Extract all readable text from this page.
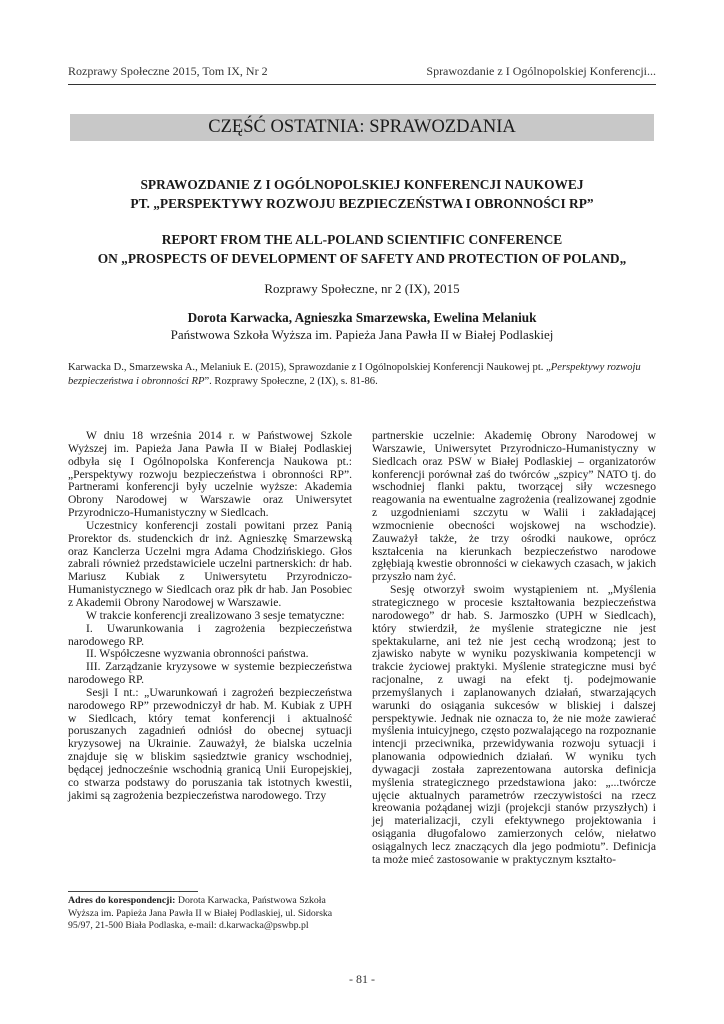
Rozprawy Społeczne 2015, Tom IX, Nr 2	Sprawozdanie z I Ogólnopolskiej Konferencji...
CZĘŚĆ OSTATNIA: SPRAWOZDANIA
SPRAWOZDANIE Z I OGÓLNOPOLSKIEJ KONFERENCJI NAUKOWEJ
PT. „PERSPEKTYWY ROZWOJU BEZPIECZEŃSTWA I OBRONNOŚCI RP”
REPORT FROM THE ALL-POLAND SCIENTIFIC CONFERENCE
ON „PROSPECTS OF DEVELOPMENT OF SAFETY AND PROTECTION OF POLAND„
Rozprawy Społeczne, nr 2 (IX), 2015
Dorota Karwacka, Agnieszka Smarzewska, Ewelina Melaniuk
Państwowa Szkoła Wyższa im. Papieża Jana Pawła II w Białej Podlaskiej
Karwacka D., Smarzewska A., Melaniuk E. (2015), Sprawozdanie z I Ogólnopolskiej Konferencji Naukowej pt. „Perspektywy rozwoju bezpieczeństwa i obronności RP”. Rozprawy Społeczne, 2 (IX), s. 81-86.

W dniu 18 września 2014 r. w Państwowej Szkole Wyższej im. Papieża Jana Pawła II w Białej Podlaskiej odbyła się I Ogólnopolska Konferencja Naukowa pt.: „Perspektywy rozwoju bezpieczeństwa i obronności RP”. Partnerami konferencji były uczelnie wyższe: Akademia Obrony Narodowej w Warszawie oraz Uniwersytet Przyrodniczo-Humanistyczny w Siedlcach.

Uczestnicy konferencji zostali powitani przez Panią Prorektor ds. studenckich dr inż. Agnieszkę Smarzewską oraz Kanclerza Uczelni mgra Adama Chodzińskiego. Głos zabrali również przedstawiciele uczelni partnerskich: dr hab. Mariusz Kubiak z Uniwersytetu Przyrodniczo-Humanistycznego w Siedlcach oraz płk dr hab. Jan Posobiec z Akademii Obrony Narodowej w Warszawie.

W trakcie konferencji zrealizowano 3 sesje tematyczne:

I. Uwarunkowania i zagrożenia bezpieczeństwa narodowego RP.

II. Współczesne wyzwania obronności państwa.

III. Zarządzanie kryzysowe w systemie bezpieczeństwa narodowego RP.

Sesji I nt.: „Uwarunkowań i zagrożeń bezpieczeństwa narodowego RP” przewodniczył dr hab. M. Kubiak z UPH w Siedlcach, który temat konferencji i aktualność poruszanych zagadnień odniósł do obecnej sytuacji kryzysowej na Ukrainie. Zauważył, że bialska uczelnia znajduje się w bliskim sąsiedztwie granicy wschodniej, będącej jednocześnie wschodnią granicą Unii Europejskiej, co stwarza podstawy do poruszania tak istotnych kwestii, jakimi są zagrożenia bezpieczeństwa narodowego. Trzy

partnerskie uczelnie: Akademię Obrony Narodowej w Warszawie, Uniwersytet Przyrodniczo-Humanistyczny w Siedlcach oraz PSW w Białej Podlaskiej – organizatorów konferencji porównał zaś do twórców „szpicy” NATO tj. do wschodniej flanki paktu, tworzącej siły wczesnego reagowania na ewentualne zagrożenia (realizowanej zgodnie z uzgodnieniami szczytu w Walii i zakładającej wzmocnienie obecności wojskowej na wschodzie). Zauważył także, że trzy ośrodki naukowe, oprócz kształcenia na kierunkach bezpieczeństwo narodowe zgłębiają kwestie obronności w ciekawych czasach, w jakich przyszło nam żyć.

Sesję otworzył swoim wystąpieniem nt. „Myślenia strategicznego w procesie kształtowania bezpieczeństwa narodowego” dr hab. S. Jarmoszko (UPH w Siedlcach), który stwierdził, że myślenie strategiczne nie jest spektakularne, ani też nie jest cechą wrodzoną; jest to zjawisko nabyte w wyniku pozyskiwania kompetencji w trakcie życiowej praktyki. Myślenie strategiczne musi być racjonalne, z uwagi na efekt tj. podejmowanie przemyślanych i zaplanowanych działań, stwarzających warunki do osiągania sukcesów w bliskiej i dalszej perspektywie. Jednak nie oznacza to, że nie może zawierać myślenia intuicyjnego, często pozwalającego na rozpoznanie intencji przeciwnika, przewidywania rozwoju sytuacji i planowania odpowiednich działań. W wyniku tych dywagacji została zaprezentowana autorska definicja myślenia strategicznego przedstawiona jako: „...twórcze ujęcie aktualnych parametrów rzeczywistości na rzecz kreowania pożądanej wizji (projekcji stanów przyszłych) i jej materializacji, czyli efektywnego projektowania i osiągania długofalowo zamierzonych celów, niełatwo osiągalnych lecz znaczących dla jego podmiotu”. Definicja ta może mieć zastosowanie w praktycznym kształto-

Adres do korespondencji: Dorota Karwacka, Państwowa Szkoła Wyższa im. Papieża Jana Pawła II w Białej Podlaskiej, ul. Sidorska 95/97, 21-500 Biała Podlaska, e-mail: d.karwacka@pswbp.pl
- 81 -
